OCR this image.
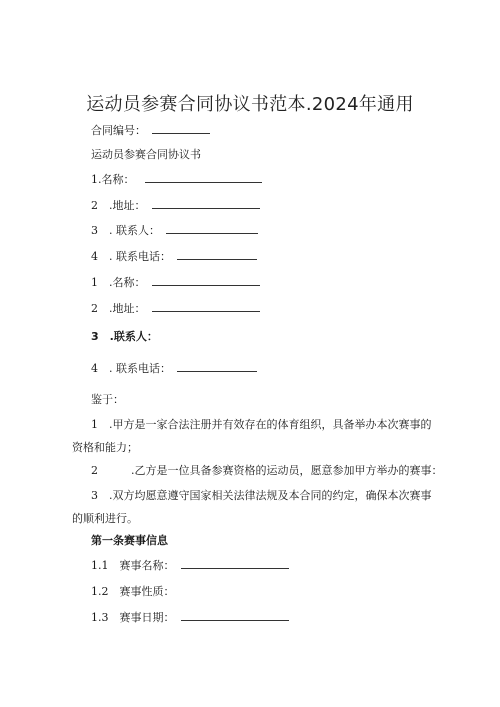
运动员参赛合同协议书范本.2024年通用
合同编号：
运动员参赛合同协议书
1.名称：
2 .地址：
3 . 联系人：
4 . 联系电话：
1 .名称：
2 .地址：
3 .联系人：
4 . 联系电话：
鉴于：
1 .甲方是一家合法注册并有效存在的体育组织，具备举办本次赛事的
资格和能力；
2   .乙方是一位具备参赛资格的运动员，愿意参加甲方举办的赛事：
3 .双方均愿意遵守国家相关法律法规及本合同的约定，确保本次赛事
的顺利进行。
第一条赛事信息
1.1 赛事名称：
1.2 赛事性质：
1.3 赛事日期：
